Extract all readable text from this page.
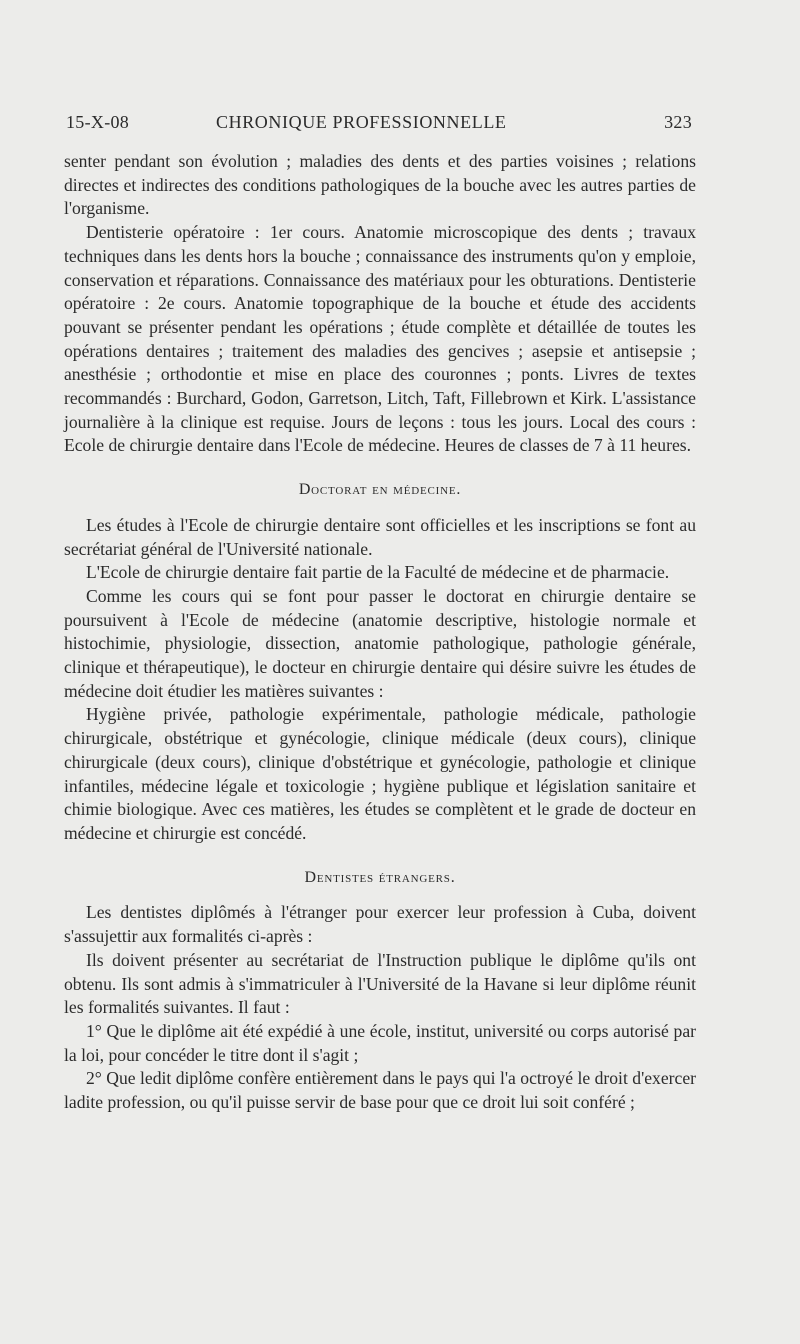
15-X-08	CHRONIQUE PROFESSIONNELLE	323

senter pendant son évolution ; maladies des dents et des parties voisines ; relations directes et indirectes des conditions pathologiques de la bouche avec les autres parties de l'organisme.

Dentisterie opératoire : 1er cours. Anatomie microscopique des dents ; travaux techniques dans les dents hors la bouche ; connaissance des instruments qu'on y emploie, conservation et réparations. Connaissance des matériaux pour les obturations. Dentisterie opératoire : 2e cours. Anatomie topographique de la bouche et étude des accidents pouvant se présenter pendant les opérations ; étude complète et détaillée de toutes les opérations dentaires ; traitement des maladies des gencives ; asepsie et antisepsie ; anesthésie ; orthodontie et mise en place des couronnes ; ponts. Livres de textes recommandés : Burchard, Godon, Garretson, Litch, Taft, Fillebrown et Kirk. L'assistance journalière à la clinique est requise. Jours de leçons : tous les jours. Local des cours : Ecole de chirurgie dentaire dans l'Ecole de médecine. Heures de classes de 7 à 11 heures.

Doctorat en médecine.

Les études à l'Ecole de chirurgie dentaire sont officielles et les inscriptions se font au secrétariat général de l'Université nationale.

L'Ecole de chirurgie dentaire fait partie de la Faculté de médecine et de pharmacie.

Comme les cours qui se font pour passer le doctorat en chirurgie dentaire se poursuivent à l'Ecole de médecine (anatomie descriptive, histologie normale et histochimie, physiologie, dissection, anatomie pathologique, pathologie générale, clinique et thérapeutique), le docteur en chirurgie dentaire qui désire suivre les études de médecine doit étudier les matières suivantes :

Hygiène privée, pathologie expérimentale, pathologie médicale, pathologie chirurgicale, obstétrique et gynécologie, clinique médicale (deux cours), clinique chirurgicale (deux cours), clinique d'obstétrique et gynécologie, pathologie et clinique infantiles, médecine légale et toxicologie ; hygiène publique et législation sanitaire et chimie biologique. Avec ces matières, les études se complètent et le grade de docteur en médecine et chirurgie est concédé.

Dentistes étrangers.

Les dentistes diplômés à l'étranger pour exercer leur profession à Cuba, doivent s'assujettir aux formalités ci-après :

Ils doivent présenter au secrétariat de l'Instruction publique le diplôme qu'ils ont obtenu. Ils sont admis à s'immatriculer à l'Université de la Havane si leur diplôme réunit les formalités suivantes. Il faut :

1° Que le diplôme ait été expédié à une école, institut, université ou corps autorisé par la loi, pour concéder le titre dont il s'agit ;

2° Que ledit diplôme confère entièrement dans le pays qui l'a octroyé le droit d'exercer ladite profession, ou qu'il puisse servir de base pour que ce droit lui soit conféré ;
